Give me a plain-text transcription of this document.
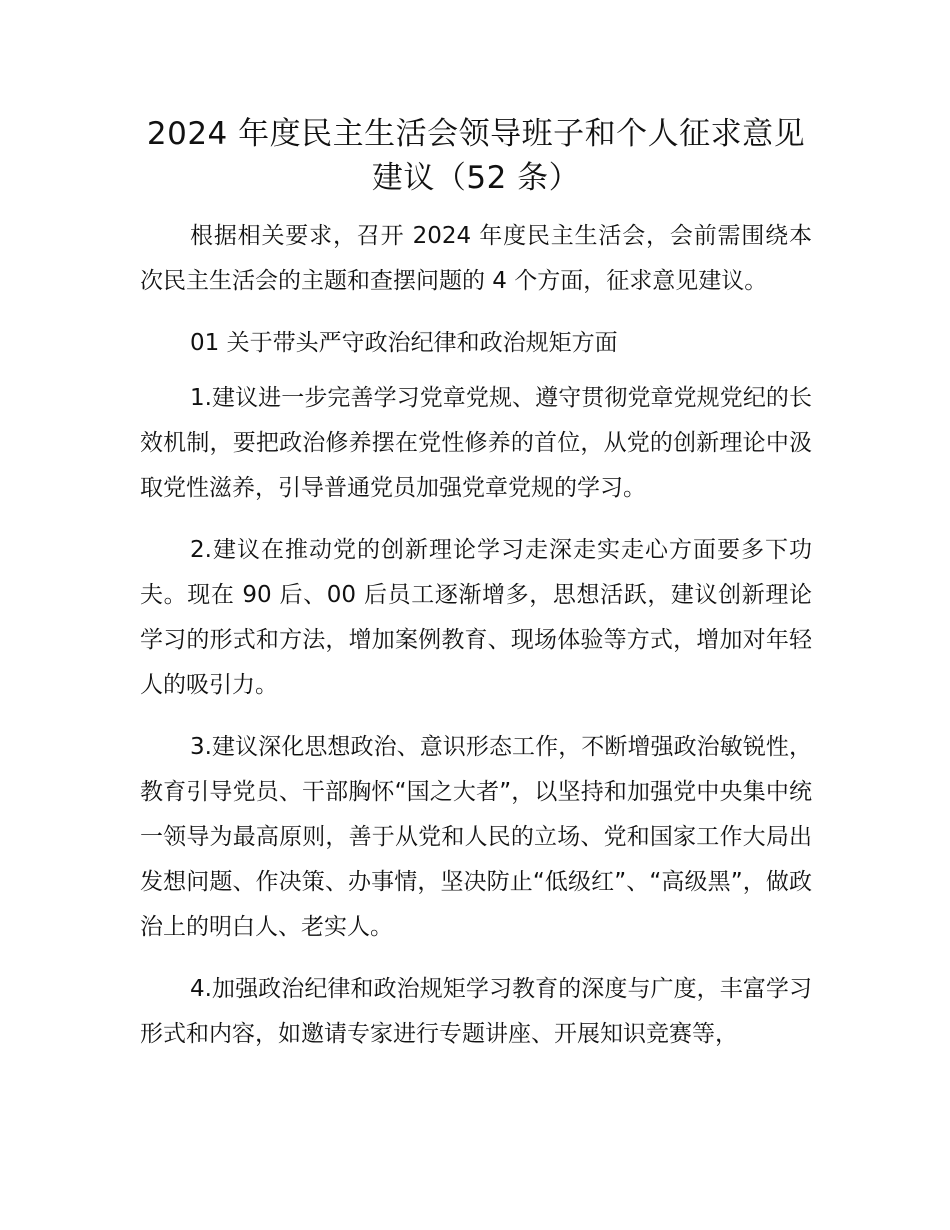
2024 年度民主生活会领导班子和个人征求意见建议（52 条）

根据相关要求，召开 2024 年度民主生活会，会前需围绕本次民主生活会的主题和查摆问题的 4 个方面，征求意见建议。

01 关于带头严守政治纪律和政治规矩方面

1.建议进一步完善学习党章党规、遵守贯彻党章党规党纪的长效机制，要把政治修养摆在党性修养的首位，从党的创新理论中汲取党性滋养，引导普通党员加强党章党规的学习。

2.建议在推动党的创新理论学习走深走实走心方面要多下功夫。现在 90 后、00 后员工逐渐增多，思想活跃，建议创新理论学习的形式和方法，增加案例教育、现场体验等方式，增加对年轻人的吸引力。

3.建议深化思想政治、意识形态工作，不断增强政治敏锐性，教育引导党员、干部胸怀“国之大者”，以坚持和加强党中央集中统一领导为最高原则，善于从党和人民的立场、党和国家工作大局出发想问题、作决策、办事情，坚决防止“低级红”、“高级黑”，做政治上的明白人、老实人。

4.加强政治纪律和政治规矩学习教育的深度与广度，丰富学习形式和内容，如邀请专家进行专题讲座、开展知识竞赛等，
